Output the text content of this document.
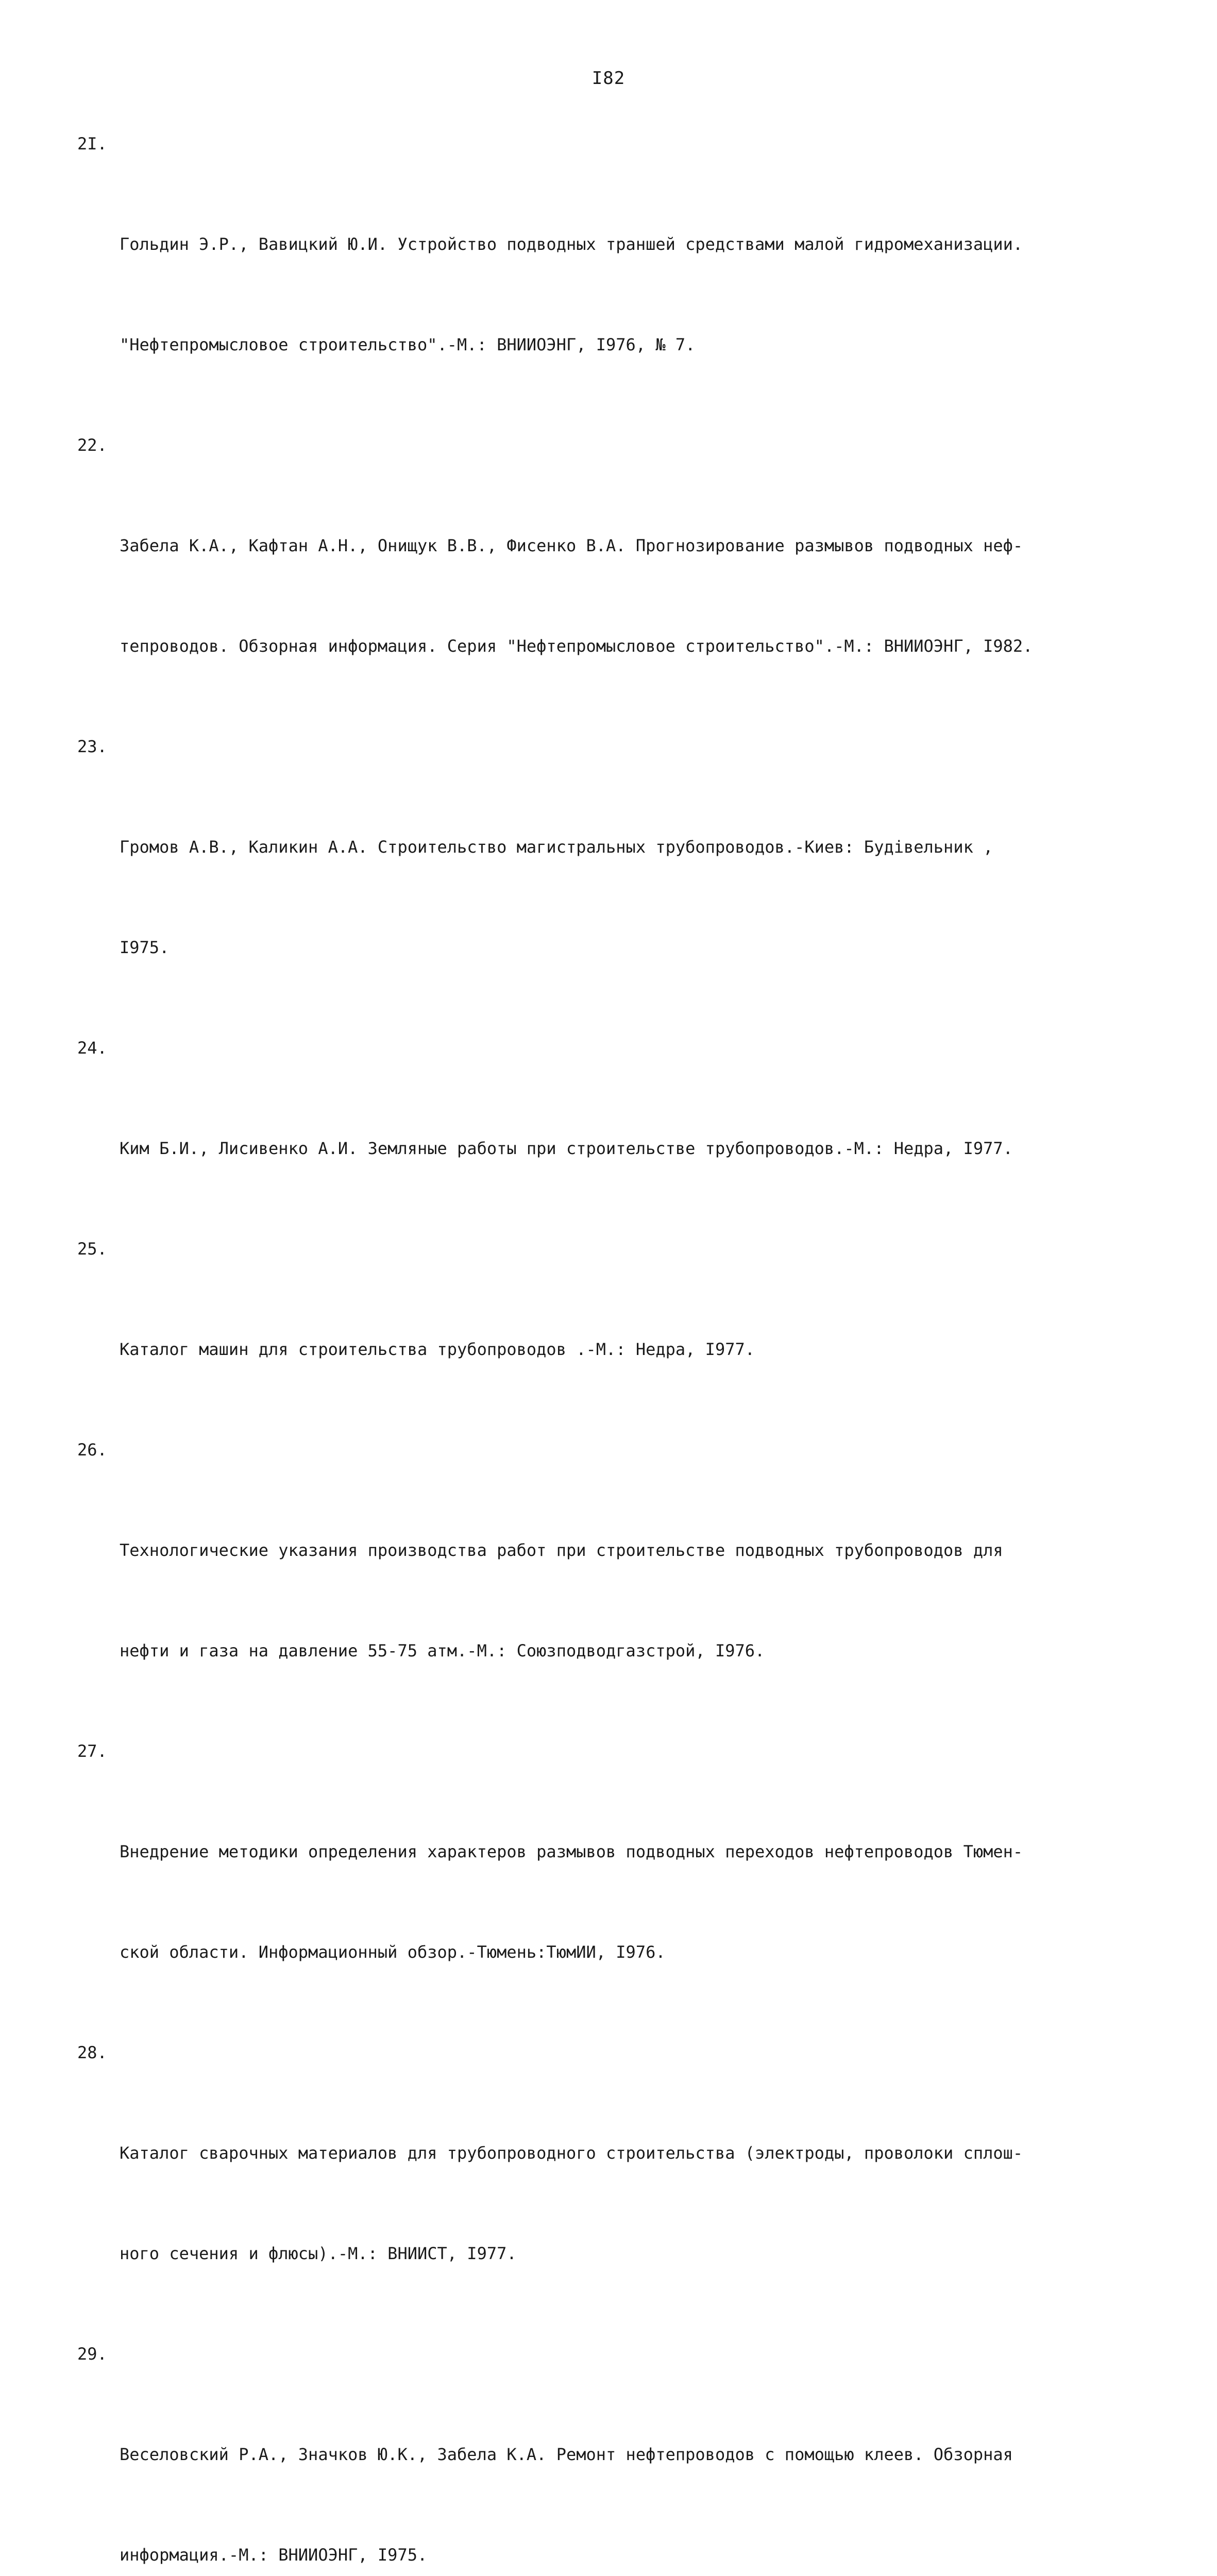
I82

2I.

Гольдин Э.Р., Вавицкий Ю.И. Устройство подводных траншей средствами малой гидромеханизации.

"Нефтепромысловое строительство".-М.: ВНИИОЭНГ, I976, № 7.

22.

Забела К.А., Кафтан А.Н., Онищук В.В., Фисенко В.А. Прогнозирование размывов подводных неф-

тепроводов. Обзорная информация. Серия "Нефтепромысловое строительство".-М.: ВНИИОЭНГ, I982.

23.

Громов А.В., Каликин А.А. Строительство магистральных трубопроводов.-Киев: Будiвельник ,

I975.

24.

Ким Б.И., Лисивенко А.И. Земляные работы при строительстве трубопроводов.-М.: Недра, I977.

25.

Каталог машин для строительства трубопроводов .-М.: Недра, I977.

26.

Технологические указания производства работ при строительстве подводных трубопроводов для

нефти и газа на давление 55-75 атм.-М.: Союзподводгазстрой, I976.

27.

Внедрение методики определения характеров размывов подводных переходов нефтепроводов Тюмен-

ской области. Информационный обзор.-Тюмень:ТюмИИ, I976.

28.

Каталог сварочных материалов для трубопроводного строительства (электроды, проволоки сплош-

ного сечения и флюсы).-М.: ВНИИСТ, I977.

29.

Веселовский Р.А., Значков Ю.К., Забела К.А. Ремонт нефтепроводов с помощью клеев. Обзорная

информация.-М.: ВНИИОЭНГ, I975.
